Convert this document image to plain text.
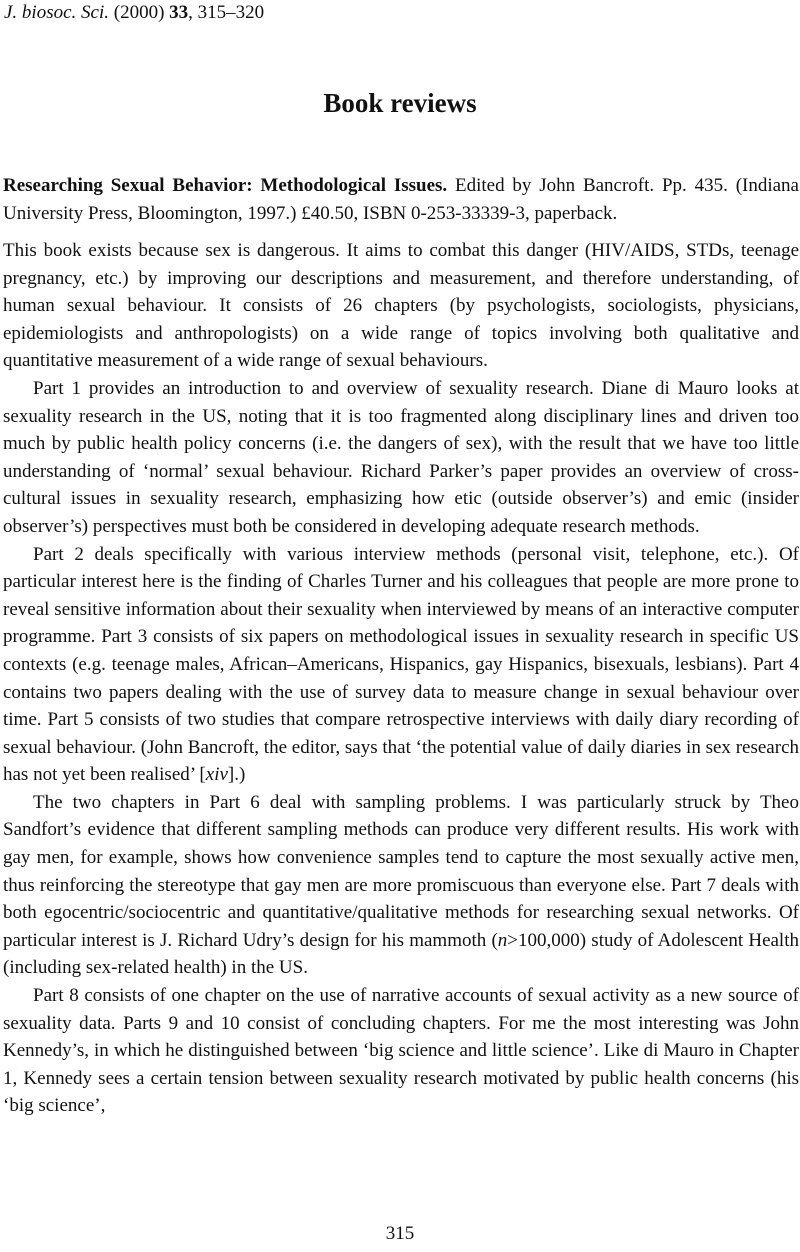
J. biosoc. Sci. (2000) 33, 315–320
Book reviews

Researching Sexual Behavior: Methodological Issues. Edited by John Bancroft. Pp. 435. (Indiana University Press, Bloomington, 1997.) £40.50, ISBN 0-253-33339-3, paperback.

This book exists because sex is dangerous. It aims to combat this danger (HIV/AIDS, STDs, teenage pregnancy, etc.) by improving our descriptions and measurement, and therefore understanding, of human sexual behaviour. It consists of 26 chapters (by psychologists, sociologists, physicians, epidemiologists and anthropologists) on a wide range of topics involving both qualitative and quantitative measurement of a wide range of sexual behaviours.

Part 1 provides an introduction to and overview of sexuality research. Diane di Mauro looks at sexuality research in the US, noting that it is too fragmented along disciplinary lines and driven too much by public health policy concerns (i.e. the dangers of sex), with the result that we have too little understanding of ‘normal’ sexual behaviour. Richard Parker’s paper provides an overview of cross-cultural issues in sexuality research, emphasizing how etic (outside observer’s) and emic (insider observer’s) perspectives must both be considered in developing adequate research methods.

Part 2 deals specifically with various interview methods (personal visit, telephone, etc.). Of particular interest here is the finding of Charles Turner and his colleagues that people are more prone to reveal sensitive information about their sexuality when interviewed by means of an interactive computer programme. Part 3 consists of six papers on methodological issues in sexuality research in specific US contexts (e.g. teenage males, African–Americans, Hispanics, gay Hispanics, bisexuals, lesbians). Part 4 contains two papers dealing with the use of survey data to measure change in sexual behaviour over time. Part 5 consists of two studies that compare retrospective interviews with daily diary recording of sexual behaviour. (John Bancroft, the editor, says that ‘the potential value of daily diaries in sex research has not yet been realised’ [xiv].)

The two chapters in Part 6 deal with sampling problems. I was particularly struck by Theo Sandfort’s evidence that different sampling methods can produce very different results. His work with gay men, for example, shows how convenience samples tend to capture the most sexually active men, thus reinforcing the stereotype that gay men are more promiscuous than everyone else. Part 7 deals with both egocentric/sociocentric and quantitative/qualitative methods for researching sexual networks. Of particular interest is J. Richard Udry’s design for his mammoth (n>100,000) study of Adolescent Health (including sex-related health) in the US.

Part 8 consists of one chapter on the use of narrative accounts of sexual activity as a new source of sexuality data. Parts 9 and 10 consist of concluding chapters. For me the most interesting was John Kennedy’s, in which he distinguished between ‘big science and little science’. Like di Mauro in Chapter 1, Kennedy sees a certain tension between sexuality research motivated by public health concerns (his ‘big science’,

315
